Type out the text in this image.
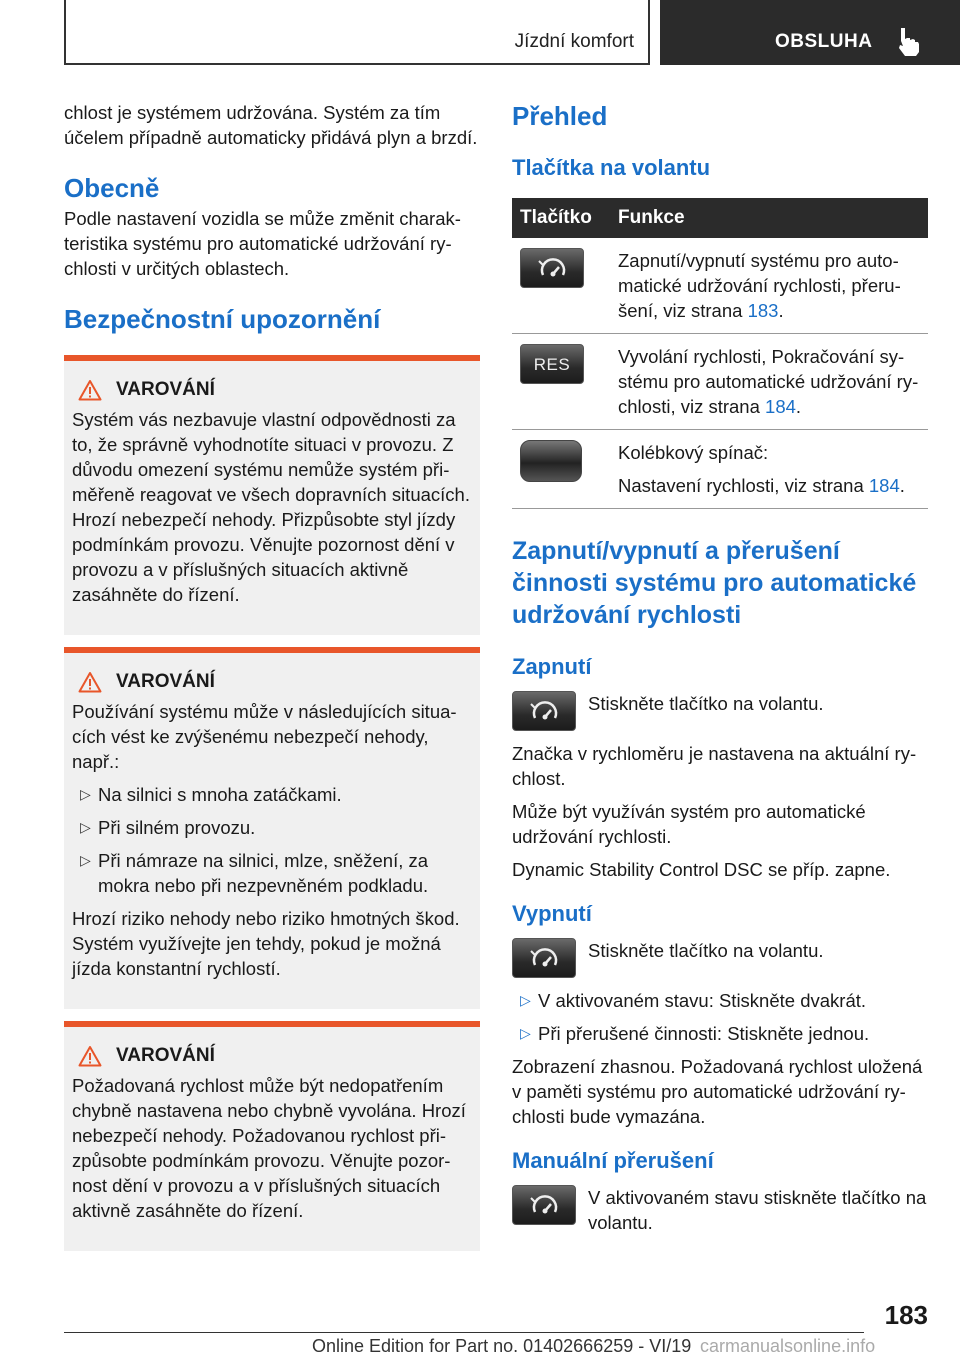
Jízdní komfort	OBSLUHA

chlost je systémem udržována. Systém za tím účelem případně automaticky přidává plyn a brzdí.

Obecně

Podle nastavení vozidla se může změnit charakteristika systému pro automatické udržování rychlosti v určitých oblastech.

Bezpečnostní upozornění
VAROVÁNÍ

Systém vás nezbavuje vlastní odpovědnosti za to, že správně vyhodnotíte situaci v provozu. Z důvodu omezení systému nemůže systém přiměřeně reagovat ve všech dopravních situacích. Hrozí nebezpečí nehody. Přizpůsobte styl jízdy podmínkám provozu. Věnujte pozornost dění v provozu a v příslušných situacích aktivně zasáhněte do řízení.

VAROVÁNÍ

Používání systému může v následujících situacích vést ke zvýšenému nebezpečí nehody, např.:

▷ Na silnici s mnoha zatáčkami.
▷ Při silném provozu.
▷ Při námraze na silnici, mlze, sněžení, za mokra nebo při nezpevněném podkladu.

Hrozí riziko nehody nebo riziko hmotných škod. Systém využívejte jen tehdy, pokud je možná jízda konstantní rychlostí.

VAROVÁNÍ

Požadovaná rychlost může být nedopatřením chybně nastavena nebo chybně vyvolána. Hrozí nebezpečí nehody. Požadovanou rychlost přizpůsobte podmínkám provozu. Věnujte pozornost dění v provozu a v příslušných situacích aktivně zasáhněte do řízení.

Přehled
Tlačítka na volantu
Tlačítko	Funkce

	Zapnutí/vypnutí systému pro automatické udržování rychlosti, přerušení, viz strana 183.

RES	Vyvolání rychlosti, Pokračování systému pro automatické udržování rychlosti, viz strana 184.

	Kolébkový spínač:
Nastavení rychlosti, viz strana 184.
Zapnutí/vypnutí a přerušení činnosti systému pro automatické udržování rychlosti
Zapnutí

Stiskněte tlačítko na volantu.

Značka v rychloměru je nastavena na aktuální rychlost.

Může být využíván systém pro automatické udržování rychlosti.

Dynamic Stability Control DSC se příp. zapne.

Vypnutí

Stiskněte tlačítko na volantu.

▷ V aktivovaném stavu: Stiskněte dvakrát.
▷ Při přerušené činnosti: Stiskněte jednou.

Zobrazení zhasnou. Požadovaná rychlost uložená v paměti systému pro automatické udržování rychlosti bude vymazána.

Manuální přerušení

V aktivovaném stavu stiskněte tlačítko na volantu.

183
Online Edition for Part no. 01402666259 - VI/19 carmanualsonline.info
